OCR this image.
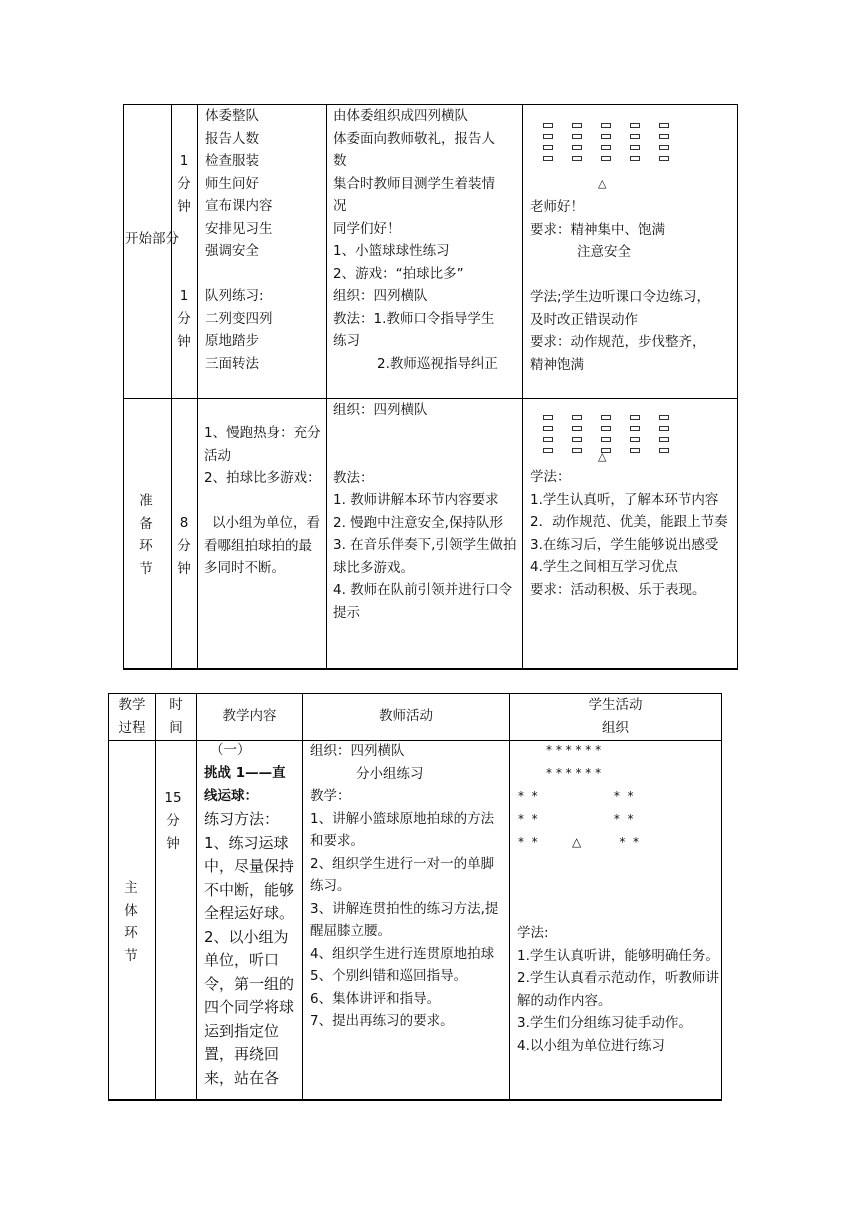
开始部分
1分钟
1分钟
体委整队
报告人数
检查服装
师生问好
宣布课内容
安排见习生
强调安全
队列练习:
二列变四列
原地踏步
三面转法
由体委组织成四列横队
体委面向教师敬礼，报告人
数
集合时教师目测学生着装情
况
同学们好！
1、小篮球球性练习
2、游戏：“拍球比多”
组织：四列横队
教法：1.教师口令指导学生
练习
2.教师巡视指导纠正
△
老师好！
要求：精神集中、饱满
注意安全
学法;学生边听课口令边练习，
及时改正错误动作
要求：动作规范，步伐整齐，
精神饱满
准备环节
8分钟
1、慢跑热身：充分活动
2、拍球比多游戏：
以小组为单位，看看哪组拍球拍的最多同时不断。
组织：四列横队
教法：
1. 教师讲解本环节内容要求
2. 慢跑中注意安全,保持队形
3. 在音乐伴奏下,引领学生做拍球比多游戏。
4. 教师在队前引领并进行口令提示
△
学法：
1.学生认真听，了解本环节内容
2．动作规范、优美，能跟上节奏
3.在练习后，学生能够说出感受
4.学生之间相互学习优点
要求：活动积极、乐于表现。
教学过程
时间
教学内容	教师活动
学生活动
组织
主体环节
15分钟
（一）
挑战 1——直线运球：
练习方法：1、练习运球中，尽量保持不中断，能够全程运好球。2、以小组为单位，听口令，第一组的四个同学将球运到指定位置，再绕回来，站在各
组织：四列横队
分小组练习
教学：
1、讲解小篮球原地拍球的方法和要求。
2、组织学生进行一对一的单脚练习。
3、讲解连贯拍性的练习方法,提醒屈膝立腰。
4、组织学生进行连贯原地拍球
5、个别纠错和巡回指导。
6、集体讲评和指导。
7、提出再练习的要求。
* * * * * *
* * * * * *
*  *                    *  *
*  *                    *  *
*  *         △          *  *
学法:
1.学生认真听讲，能够明确任务。
2.学生认真看示范动作，听教师讲解的动作内容。
3.学生们分组练习徒手动作。
4.以小组为单位进行练习
